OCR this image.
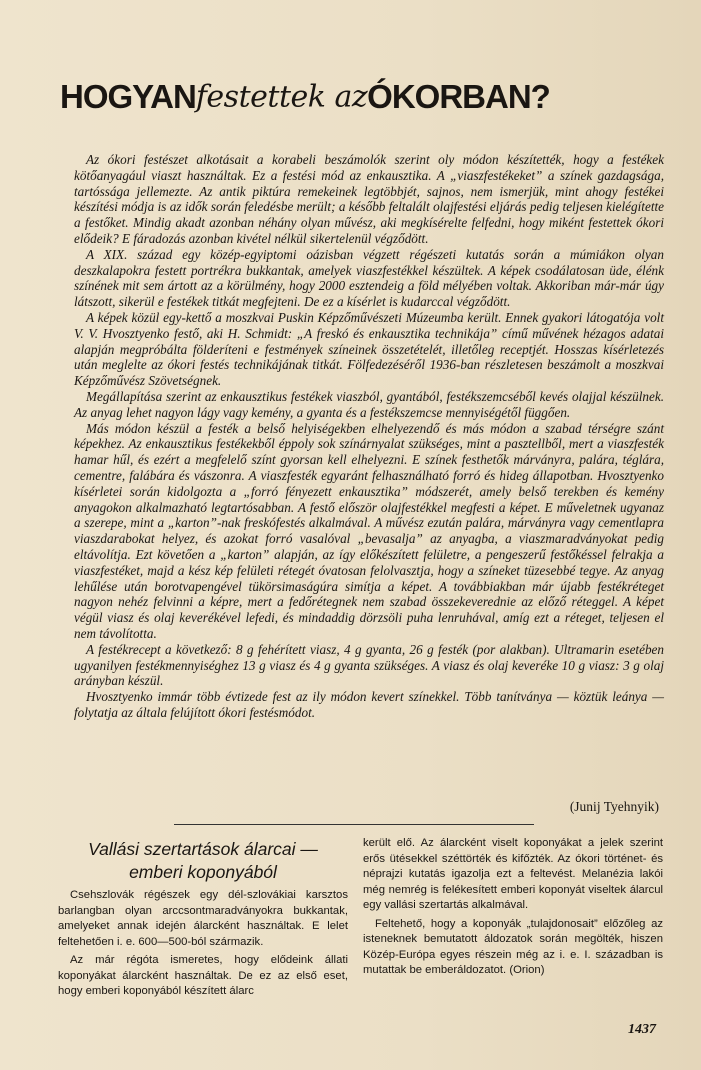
HOGYANfestettek azÓKORBAN?

Az ókori festészet alkotásait a korabeli beszámolók szerint oly módon készítették, hogy a festékek kötőanyagául viaszt használtak. Ez a festési mód az enkausztika. A „viaszfestékeket” a színek gazdagsága, tartóssága jellemezte. Az antik piktúra remekeinek legtöbbjét, sajnos, nem ismerjük, mint ahogy festékei készítési módja is az idők során feledésbe merült; a később feltalált olajfestési eljárás pedig teljesen kielégítette a festőket. Mindig akadt azonban néhány olyan művész, aki megkísérelte felfedni, hogy miként festettek ókori elődeik? E fáradozás azonban kivétel nélkül sikertelenül végződött.

A XIX. század egy közép-egyiptomi oázisban végzett régészeti kutatás során a múmiákon olyan deszkalapokra festett portrékra bukkantak, amelyek viaszfestékkel készültek. A képek csodálatosan üde, élénk színének mit sem ártott az a körülmény, hogy 2000 esztendeig a föld mélyében voltak. Akkoriban már-már úgy látszott, sikerül e festékek titkát megfejteni. De ez a kísérlet is kudarccal végződött.

A képek közül egy-kettő a moszkvai Puskin Képzőművészeti Múzeumba került. Ennek gyakori látogatója volt V. V. Hvosztyenko festő, aki H. Schmidt: „A freskó és enkausztika technikája” című művének hézagos adatai alapján megpróbálta földeríteni e festmények színeinek összetételét, illetőleg receptjét. Hosszas kísérletezés után meglelte az ókori festés technikájának titkát. Fölfedezéséről 1936-ban részletesen beszámolt a moszkvai Képzőművész Szövetségnek.

Megállapítása szerint az enkausztikus festékek viaszból, gyantából, festékszemcséből kevés olajjal készülnek. Az anyag lehet nagyon lágy vagy kemény, a gyanta és a festékszemcse mennyiségétől függően.

Más módon készül a festék a belső helyiségekben elhelyezendő és más módon a szabad térségre szánt képekhez. Az enkausztikus festékekből éppoly sok színárnyalat szükséges, mint a pasztellből, mert a viaszfesték hamar hűl, és ezért a megfelelő színt gyorsan kell elhelyezni. E színek festhetők márványra, palára, téglára, cementre, falábára és vászonra. A viaszfesték egyaránt felhasználható forró és hideg állapotban. Hvosztyenko kísérletei során kidolgozta a „forró fényezett enkausztika” módszerét, amely belső terekben és kemény anyagokon alkalmazható legtartósabban. A festő először olajfestékkel megfesti a képet. E műveletnek ugyanaz a szerepe, mint a „karton”-nak freskófestés alkalmával. A művész ezután palára, márványra vagy cementlapra viaszdarabokat helyez, és azokat forró vasalóval „bevasalja” az anyagba, a viaszmaradványokat pedig eltávolítja. Ezt követően a „karton” alapján, az így előkészített felületre, a pengeszerű festőkéssel felrakja a viaszfestéket, majd a kész kép felületi rétegét óvatosan felolvasztja, hogy a színeket tüzesebbé tegye. Az anyag lehűlése után borotvapengével tükörsimaságúra simítja a képet. A továbbiakban már újabb festékréteget nagyon nehéz felvinni a képre, mert a fedőrétegnek nem szabad összekeverednie az előző réteggel. A képet végül viasz és olaj keverékével lefedi, és mindaddig dörzsöli puha lenruhával, amíg ezt a réteget, teljesen el nem távolította.

A festékrecept a következő: 8 g fehérített viasz, 4 g gyanta, 26 g festék (por alakban). Ultramarin esetében ugyanilyen festékmennyiséghez 13 g viasz és 4 g gyanta szükséges. A viasz és olaj keveréke 10 g viasz: 3 g olaj arányban készül.

Hvosztyenko immár több évtizede fest az ily módon kevert színekkel. Több tanítványa — köztük leánya — folytatja az általa felújított ókori festésmódot.

(Junij Tyehnyik)
Vallási szertartások álarcai —
emberi koponyából

Csehszlovák régészek egy dél-szlovákiai karsztos barlangban olyan arccsontmaradványokra bukkantak, amelyeket annak idején álarcként használtak. E lelet feltehetően i. e. 600—500-ból származik.

Az már régóta ismeretes, hogy elődeink állati koponyákat álarcként használtak. De ez az első eset, hogy emberi koponyából készített álarc

került elő. Az álarcként viselt koponyákat a jelek szerint erős ütésekkel széttörték és kifőzték. Az ókori történet- és néprajzi kutatás igazolja ezt a feltevést. Melanézia lakói még nemrég is felékesített emberi koponyát viseltek álarcul egy vallási szertartás alkalmával.

Feltehető, hogy a koponyák „tulajdonosait” előzőleg az isteneknek bemutatott áldozatok során megölték, hiszen Közép-Európa egyes részein még az i. e. I. században is mutattak be emberáldozatot. (Orion)

1437
